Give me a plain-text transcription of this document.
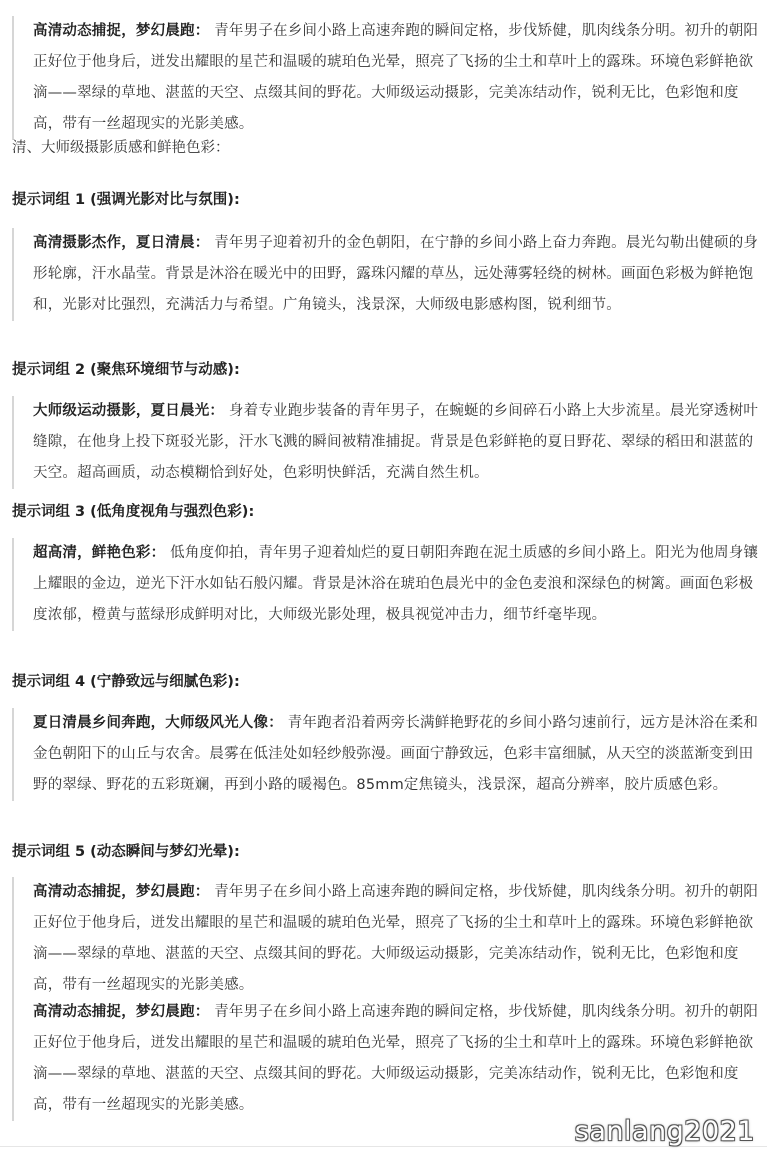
高清动态捕捉，梦幻晨跑： 青年男子在乡间小路上高速奔跑的瞬间定格，步伐矫健，肌肉线条分明。初升的朝阳正好位于他身后，迸发出耀眼的星芒和温暖的琥珀色光晕，照亮了飞扬的尘土和草叶上的露珠。环境色彩鲜艳欲滴——翠绿的草地、湛蓝的天空、点缀其间的野花。大师级运动摄影，完美冻结动作，锐利无比，色彩饱和度高，带有一丝超现实的光影美感。
清、大师级摄影质感和鲜艳色彩：
提示词组 1 (强调光影对比与氛围):
高清摄影杰作，夏日清晨： 青年男子迎着初升的金色朝阳，在宁静的乡间小路上奋力奔跑。晨光勾勒出健硕的身形轮廓，汗水晶莹。背景是沐浴在暖光中的田野，露珠闪耀的草丛，远处薄雾轻绕的树林。画面色彩极为鲜艳饱和，光影对比强烈，充满活力与希望。广角镜头，浅景深，大师级电影感构图，锐利细节。
提示词组 2 (聚焦环境细节与动感):
大师级运动摄影，夏日晨光： 身着专业跑步装备的青年男子，在蜿蜒的乡间碎石小路上大步流星。晨光穿透树叶缝隙，在他身上投下斑驳光影，汗水飞溅的瞬间被精准捕捉。背景是色彩鲜艳的夏日野花、翠绿的稻田和湛蓝的天空。超高画质，动态模糊恰到好处，色彩明快鲜活，充满自然生机。
提示词组 3 (低角度视角与强烈色彩):
超高清，鲜艳色彩： 低角度仰拍，青年男子迎着灿烂的夏日朝阳奔跑在泥土质感的乡间小路上。阳光为他周身镶上耀眼的金边，逆光下汗水如钻石般闪耀。背景是沐浴在琥珀色晨光中的金色麦浪和深绿色的树篱。画面色彩极度浓郁，橙黄与蓝绿形成鲜明对比，大师级光影处理，极具视觉冲击力，细节纤毫毕现。
提示词组 4 (宁静致远与细腻色彩):
夏日清晨乡间奔跑，大师级风光人像： 青年跑者沿着两旁长满鲜艳野花的乡间小路匀速前行，远方是沐浴在柔和金色朝阳下的山丘与农舍。晨雾在低洼处如轻纱般弥漫。画面宁静致远，色彩丰富细腻，从天空的淡蓝渐变到田野的翠绿、野花的五彩斑斓，再到小路的暖褐色。85mm定焦镜头，浅景深，超高分辨率，胶片质感色彩。
提示词组 5 (动态瞬间与梦幻光晕):
高清动态捕捉，梦幻晨跑： 青年男子在乡间小路上高速奔跑的瞬间定格，步伐矫健，肌肉线条分明。初升的朝阳正好位于他身后，迸发出耀眼的星芒和温暖的琥珀色光晕，照亮了飞扬的尘土和草叶上的露珠。环境色彩鲜艳欲滴——翠绿的草地、湛蓝的天空、点缀其间的野花。大师级运动摄影，完美冻结动作，锐利无比，色彩饱和度高，带有一丝超现实的光影美感。
高清动态捕捉，梦幻晨跑： 青年男子在乡间小路上高速奔跑的瞬间定格，步伐矫健，肌肉线条分明。初升的朝阳正好位于他身后，迸发出耀眼的星芒和温暖的琥珀色光晕，照亮了飞扬的尘土和草叶上的露珠。环境色彩鲜艳欲滴——翠绿的草地、湛蓝的天空、点缀其间的野花。大师级运动摄影，完美冻结动作，锐利无比，色彩饱和度高，带有一丝超现实的光影美感。
sanlang2021
